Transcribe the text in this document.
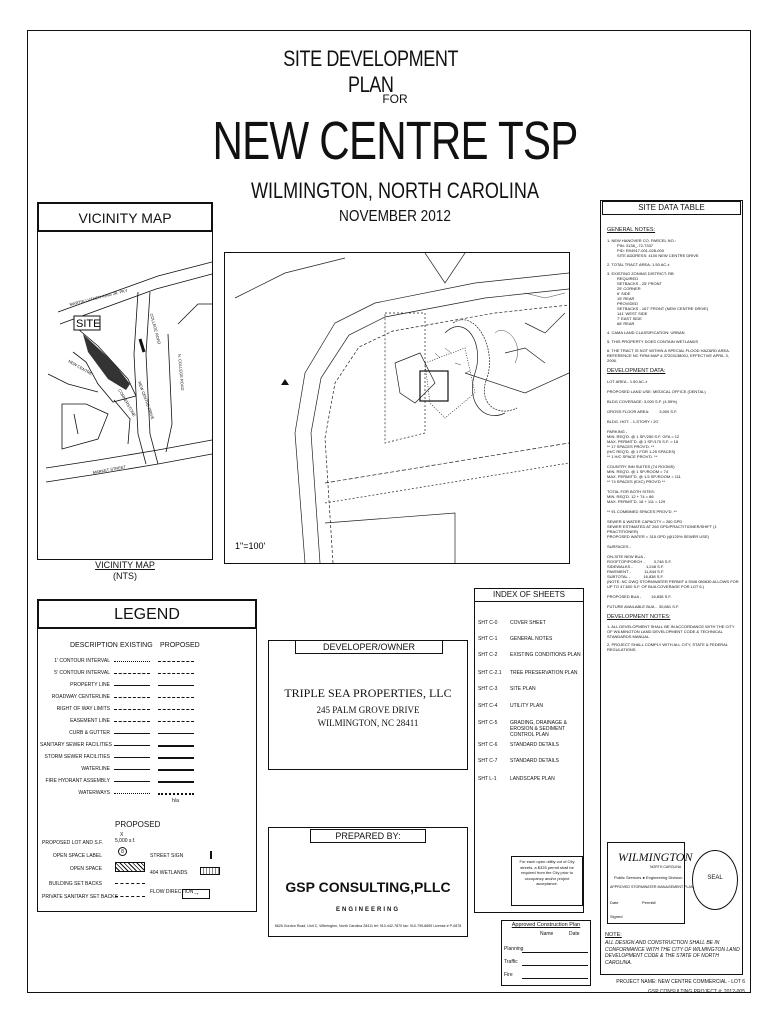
SITE DEVELOPMENT PLAN
FOR
NEW CENTRE TSP
WILMINGTON, NORTH CAROLINA
NOVEMBER 2012
VICINITY MAP
SITE
MARTIN LUTHER KING JR. PKY
NEW CENTRE
COLLEGE ROAD
CORNERSTONE NEW CENTRE DRIVE
MARKET STREET
N. COLLEGE ROAD
VICINITY MAP
(NTS)
1"=100'
LEGEND
DESCRIPTION EXISTING PROPOSED
1' CONTOUR INTERVAL
5' CONTOUR INTERVAL
PROPERTY LINE
ROADWAY CENTERLINE
RIGHT OF WAY LIMITS
EASEMENT LINE
CURB & GUTTER
SANITARY SEWER FACILITIES
STORM SEWER FACILITIES
WATERLINE
FIRE HYDRANT ASSEMBLY
WATERWAYS
h/a
PROPOSED
X
PROPOSED LOT AND S.F. 5,000 s.f.
8
OPEN SPACE LABEL
OPEN SPACE
BUILDING SET BACKS
PRIVATE SANITARY SET BACKS
STREET SIGN
404 WETLANDS
FLOW DIRECTION →
DEVELOPER/OWNER
TRIPLE SEA PROPERTIES, LLC
245 PALM GROVE DRIVE
WILMINGTON, NC 28411
INDEX OF SHEETS
SHT C-0	COVER SHEET
SHT C-1	GENERAL NOTES
SHT C-2	EXISTING CONDITIONS PLAN
SHT C-2.1 TREE PRESERVATION PLAN
SHT C-3	SITE PLAN
SHT C-4	UTILITY PLAN
SHT C-5	GRADING, DRAINAGE & EROSION & SEDIMENT CONTROL PLAN
SHT C-6	STANDARD DETAILS
SHT C-7	STANDARD DETAILS
SHT L-1	LANDSCAPE PLAN
PREPARED BY:
GSP CONSULTING,PLLC
ENGINEERING
6626 Gordon Road, Unit C, Wilmington, North Carolina 28411 tel: 910-442-7870 fax: 910-799-6659 License # P-0878
For each open utility cut of City streets, a $325 permit shall be required from the City prior to occupancy and/or project acceptance.
Approved Construction Plan
Name	Date
Planning
Traffic
Fire
SITE DATA TABLE
GENERAL NOTES:
1. NEW HANOVER CO. PARCEL NO.:
PIN: 3138_-72-7337
PID: R04917-001-028-000
SITE ADDRESS: 4100 NEW CENTRE DRIVE
2. TOTAL TRACT AREA: 1.50 AC.±
3. EXISTING ZONING DISTRICT: RB
REQUIRED
SETBACKS - 25' FRONT
25' CORNER
6' SIDE
15' REAR
PROVIDED
SETBACKS - 167' FRONT (NEW CENTRE DRIVE)
141' WEST SIDE
7' EAST SIDE
68' REAR
4. CAMA LAND CLASSIFICATION: URBAN
5. THIS PROPERTY DOES CONTAIN WETLANDS
6. THE TRACT IS NOT WITHIN A SPECIAL FLOOD HAZARD AREA. REFERENCE NC FIRM MAP # 3720313800J, EFFECTIVE APRIL 3, 2006.
DEVELOPMENT DATA:
LOT AREA - 1.50 AC.±
PROPOSED LAND USE: MEDICAL OFFICE (DENTAL)
BLDG COVERAGE: 3,000 S.F. (4.59%)
GROSS FLOOR AREA:         3,000 S.F.
BLDG. HGT. - 1-STORY / 20'
PARKING -
MIN. REQ'D. @ 1 SP./250 S.F. GFA = 12
MAX. PERMIT'D. @ 1 SP./170 S.F. = 18
** 17 SPACES PROV'D. **
(H/C REQ'D. @ 1 FOR 1-25 SPACES)
** 1 H/C SPACE PROV'D. **
COUNTRY INN SUITES (74 ROOMS)
MIN. REQ'D. @ 1 SP./ROOM = 74
MAX. PERMIT'D. @ 1.5 SP./ROOM = 111
** 74 SPACES (EXC) PROV'D **
TOTAL FOR BOTH SITES:
MIN. REQ'D. 12 + 74 = 86
MAX. PERMIT'D. 18 + 111 = 129
** 91 COMBINED SPACES PROV'D. **
SEWER & WATER CAPACITY = 260 GPD
SEWER ESTIMATED AT 260 GPD/PRACTITIONER/SHIFT (1 PRACTITIONER)
PROPOSED WATER = 315 GPD (@120% SEWER USE)
SURFACES -
ON-SITE NEW BUA -
ROOFTOP/PORCH -        3,748 S.F.
SIDEWALKS -            1,248 S.F.
PAVEMENT -            11,844 S.F.
SUBTOTAL -            16,838 S.F.
(NOTE: NC DWQ STORMWATER PERMIT # SW8 080630 ALLOWS FOR UP TO 47,600 S.F. OF BUA COVERAGE FOR LOT 6.)
PROPOSED BUA -         16,838 S.F.
FUTURE AVAILABLE BUA -  30,881 S.F.
DEVELOPMENT NOTES:
1. ALL DEVELOPMENT SHALL BE IN ACCORDANCE WITH THE CITY OF WILMINGTON LAND DEVELOPMENT CODE & TECHNICAL STANDARDS MANUAL.
2. PROJECT SHALL COMPLY WITH ALL CITY, STATE & FEDERAL REGULATIONS.
WILMINGTON
NORTH CAROLINA
Public Services ● Engineering Division
APPROVED STORMWATER MANAGEMENT PLAN
Date	Permit#
Signed
SEAL
NOTE:
ALL DESIGN AND CONSTRUCTION SHALL BE IN CONFORMANCE WITH THE CITY OF WILMINGTON LAND DEVELOPMENT CODE & THE STATE OF NORTH CAROLINA.
PROJECT NAME: NEW CENTRE COMMERCIAL - LOT 6
GSP CONSULTING PROJECT #: 2012-005
